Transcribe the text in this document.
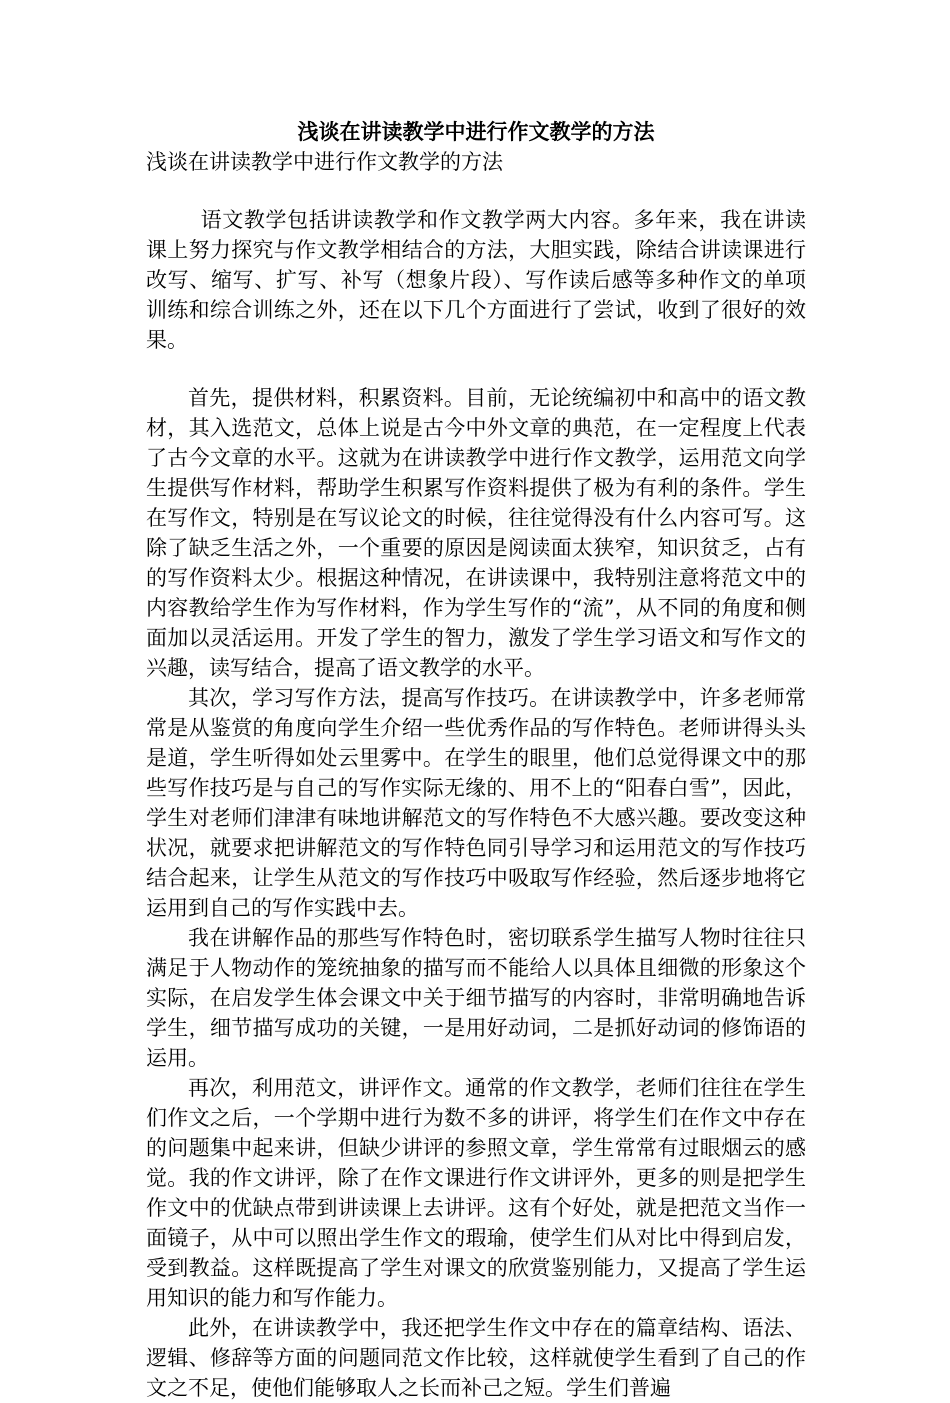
浅谈在讲读教学中进行作文教学的方法

浅谈在讲读教学中进行作文教学的方法

语文教学包括讲读教学和作文教学两大内容。多年来，我在讲读课上努力探究与作文教学相结合的方法，大胆实践，除结合讲读课进行改写、缩写、扩写、补写（想象片段）、写作读后感等多种作文的单项训练和综合训练之外，还在以下几个方面进行了尝试，收到了很好的效果。

首先，提供材料，积累资料。目前，无论统编初中和高中的语文教材，其入选范文，总体上说是古今中外文章的典范，在一定程度上代表了古今文章的水平。这就为在讲读教学中进行作文教学，运用范文向学生提供写作材料，帮助学生积累写作资料提供了极为有利的条件。学生在写作文，特别是在写议论文的时候，往往觉得没有什么内容可写。这除了缺乏生活之外，一个重要的原因是阅读面太狭窄，知识贫乏，占有的写作资料太少。根据这种情况，在讲读课中，我特别注意将范文中的内容教给学生作为写作材料，作为学生写作的“流”，从不同的角度和侧面加以灵活运用。开发了学生的智力，激发了学生学习语文和写作文的兴趣，读写结合，提高了语文教学的水平。

其次，学习写作方法，提高写作技巧。在讲读教学中，许多老师常常是从鉴赏的角度向学生介绍一些优秀作品的写作特色。老师讲得头头是道，学生听得如处云里雾中。在学生的眼里，他们总觉得课文中的那些写作技巧是与自己的写作实际无缘的、用不上的“阳春白雪”，因此，学生对老师们津津有味地讲解范文的写作特色不大感兴趣。要改变这种状况，就要求把讲解范文的写作特色同引导学习和运用范文的写作技巧结合起来，让学生从范文的写作技巧中吸取写作经验，然后逐步地将它运用到自己的写作实践中去。

我在讲解作品的那些写作特色时，密切联系学生描写人物时往往只满足于人物动作的笼统抽象的描写而不能给人以具体且细微的形象这个实际，在启发学生体会课文中关于细节描写的内容时，非常明确地告诉学生，细节描写成功的关键，一是用好动词，二是抓好动词的修饰语的运用。

再次，利用范文，讲评作文。通常的作文教学，老师们往往在学生们作文之后，一个学期中进行为数不多的讲评，将学生们在作文中存在的问题集中起来讲，但缺少讲评的参照文章，学生常常有过眼烟云的感觉。我的作文讲评，除了在作文课进行作文讲评外，更多的则是把学生作文中的优缺点带到讲读课上去讲评。这有个好处，就是把范文当作一面镜子，从中可以照出学生作文的瑕瑜，使学生们从对比中得到启发，受到教益。这样既提高了学生对课文的欣赏鉴别能力，又提高了学生运用知识的能力和写作能力。

此外，在讲读教学中，我还把学生作文中存在的篇章结构、语法、逻辑、修辞等方面的问题同范文作比较，这样就使学生看到了自己的作文之不足，使他们能够取人之长而补己之短。学生们普遍
